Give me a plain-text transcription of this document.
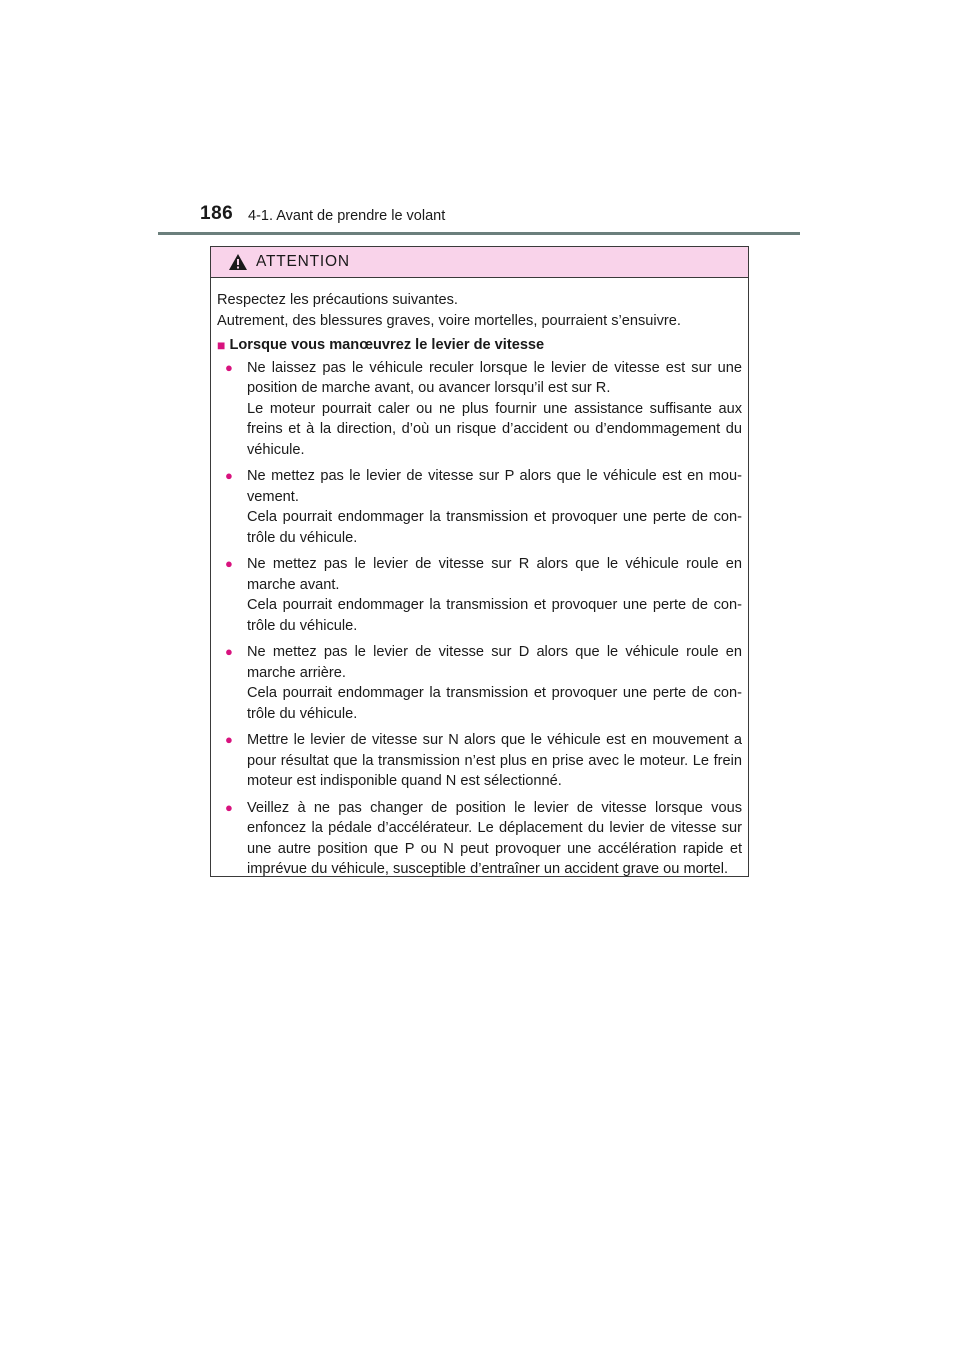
186 4-1. Avant de prendre le volant
ATTENTION

Respectez les précautions suivantes.

Autrement, des blessures graves, voire mortelles, pourraient s’ensuivre.

■ Lorsque vous manœuvrez le levier de vitesse
● Ne laissez pas le véhicule reculer lorsque le levier de vitesse est sur une position de marche avant, ou avancer lorsqu’il est sur R.

Le moteur pourrait caler ou ne plus fournir une assistance suffisante aux freins et à la direction, d’où un risque d’accident ou d’endommagement du véhicule.

● Ne mettez pas le levier de vitesse sur P alors que le véhicule est en mou-vement.

Cela pourrait endommager la transmission et provoquer une perte de con-trôle du véhicule.

● Ne mettez pas le levier de vitesse sur R alors que le véhicule roule en marche avant.

Cela pourrait endommager la transmission et provoquer une perte de con-trôle du véhicule.

● Ne mettez pas le levier de vitesse sur D alors que le véhicule roule en marche arrière.

Cela pourrait endommager la transmission et provoquer une perte de con-trôle du véhicule.

● Mettre le levier de vitesse sur N alors que le véhicule est en mouvement a pour résultat que la transmission n’est plus en prise avec le moteur. Le frein moteur est indisponible quand N est sélectionné.

● Veillez à ne pas changer de position le levier de vitesse lorsque vous enfoncez la pédale d’accélérateur. Le déplacement du levier de vitesse sur une autre position que P ou N peut provoquer une accélération rapide et imprévue du véhicule, susceptible d’entraîner un accident grave ou mortel.
